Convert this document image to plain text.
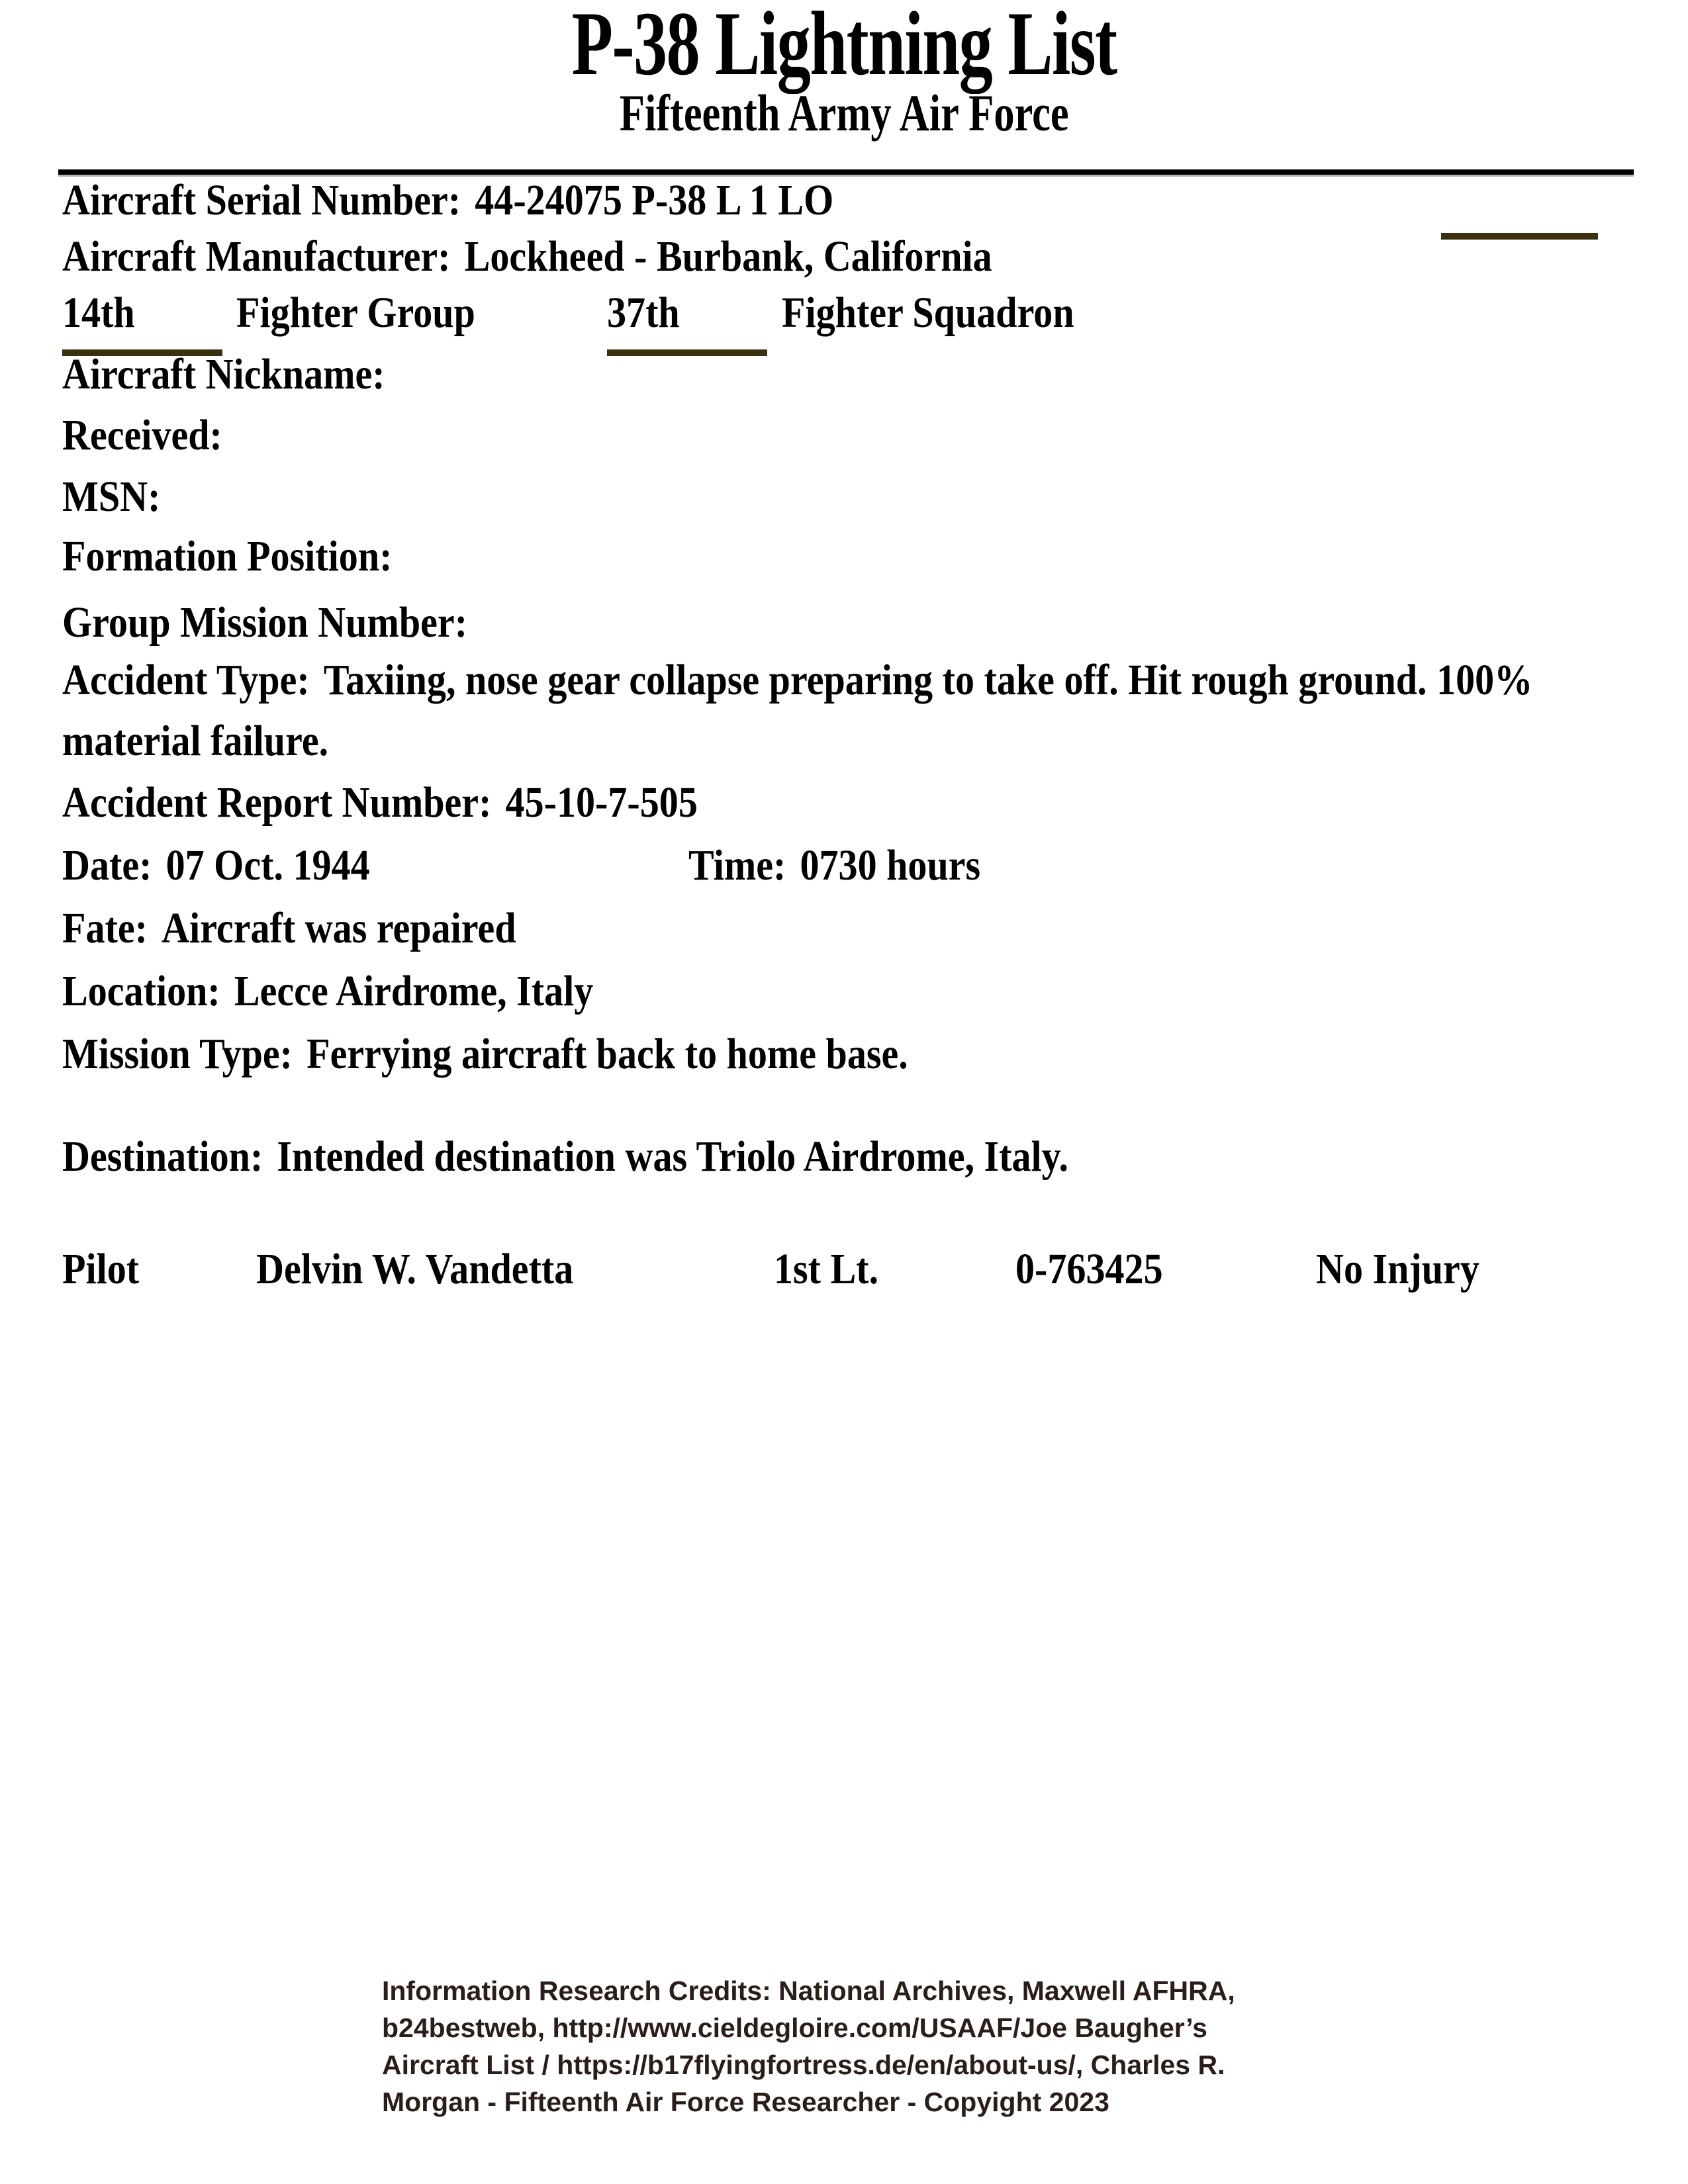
P-38 Lightning List
Fifteenth Army Air Force
Aircraft Serial Number: 44-24075 P-38 L 1 LO
Aircraft Manufacturer: Lockheed - Burbank, California
14th	Fighter Group	37th	Fighter Squadron
Aircraft Nickname:
Received:
MSN:
Formation Position:
Group Mission Number:
Accident Type: Taxiing, nose gear collapse preparing to take off. Hit rough ground. 100% material failure.
Accident Report Number: 45-10-7-505
Date: 07 Oct. 1944	Time: 0730 hours
Fate: Aircraft was repaired
Location: Lecce Airdrome, Italy
Mission Type: Ferrying aircraft back to home base.
Destination: Intended destination was Triolo Airdrome, Italy.
Pilot	Delvin W. Vandetta	1st Lt.	0-763425	No Injury
Information Research Credits: National Archives, Maxwell AFHRA,
b24bestweb, http://www.cieldegloire.com/USAAF/Joe Baugher’s
Aircraft List / https://b17flyingfortress.de/en/about-us/, Charles R.
Morgan - Fifteenth Air Force Researcher - Copyight 2023
